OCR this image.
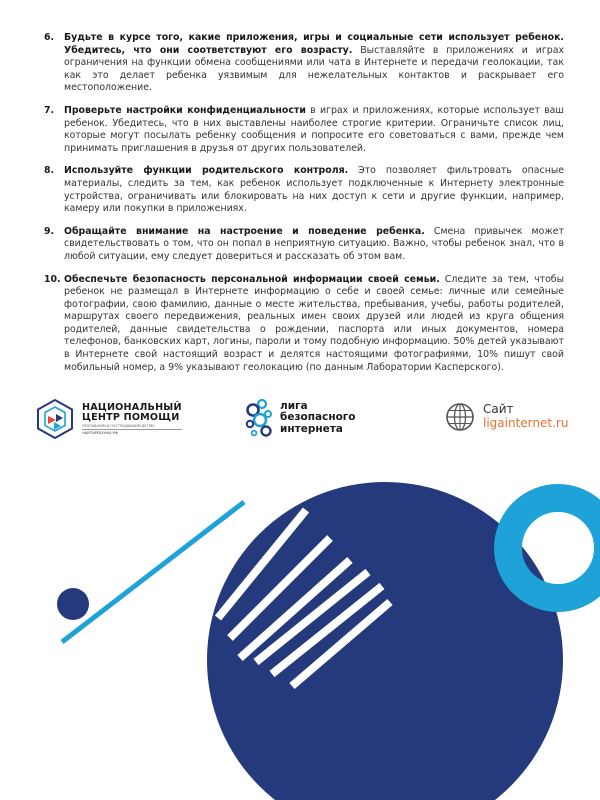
6.	Будьте в курсе того, какие приложения, игры и социальные сети использует ребенок. Убедитесь, что они соответствуют его возрасту. Выставляйте в приложениях и играх ограничения на функции обмена сообщениями или чата в Интернете и передачи геолокации, так как это делает ребенка уязвимым для нежелательных контактов и раскрывает его местоположение.
7.	Проверьте настройки конфиденциальности в играх и приложениях, которые использует ваш ребенок. Убедитесь, что в них выставлены наиболее строгие критерии. Ограничьте список лиц, которые могут посылать ребенку сообщения и попросите его советоваться с вами, прежде чем принимать приглашения в друзья от других пользователей.
8.	Используйте функции родительского контроля. Это позволяет фильтровать опасные материалы, следить за тем, как ребенок использует подключенные к Интернету электронные устройства, ограничивать или блокировать на них доступ к сети и другие функции, например, камеру или покупки в приложениях.
9.	Обращайте внимание на настроение и поведение ребенка. Смена привычек может свидетельствовать о том, что он попал в неприятную ситуацию. Важно, чтобы ребенок знал, что в любой ситуации, ему следует довериться и рассказать об этом вам.
10. Обеспечьте безопасность персональной информации своей семьи. Следите за тем, чтобы ребенок не размещал в Интернете информацию о себе и своей семье: личные или семейные фотографии, свою фамилию, данные о месте жительства, пребывания, учебы, работы родителей, маршрутах своего передвижения, реальных имен своих друзей или людей из круга общения родителей, данные свидетельства о рождении, паспорта или иных документов, номера телефонов, банковских карт, логины, пароли и тому подобную информацию. 50% детей указывают в Интернете свой настоящий возраст и делятся настоящими фотографиями, 10% пишут свой мобильный номер, а 9% указывают геолокацию (по данным Лаборатории Касперского).
НАЦИОНАЛЬНЫЙ
ЦЕНТР ПОМОЩИ
ПРОПАВШИМ И ПОСТРАДАВШИМ ДЕТЯМ
НАЙТИРЕБЕНКА.РФ
лига
безопасного
интернета
Сайт
ligainternet.ru
